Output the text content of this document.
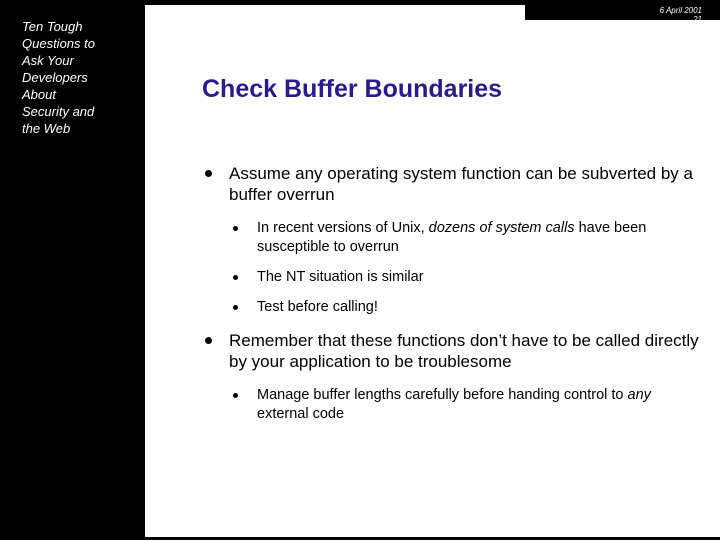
Ten Tough
Questions to
Ask Your
Developers
About
Security and
the Web
Check Buffer Boundaries
Assume any operating system function can be subverted by a buffer overrun
In recent versions of Unix, dozens of system calls have been susceptible to overrun
The NT situation is similar
Test before calling!
Remember that these functions don’t have to be called directly by your application to be troublesome
Manage buffer lengths carefully before handing control to any external code
6 April 2001
21
